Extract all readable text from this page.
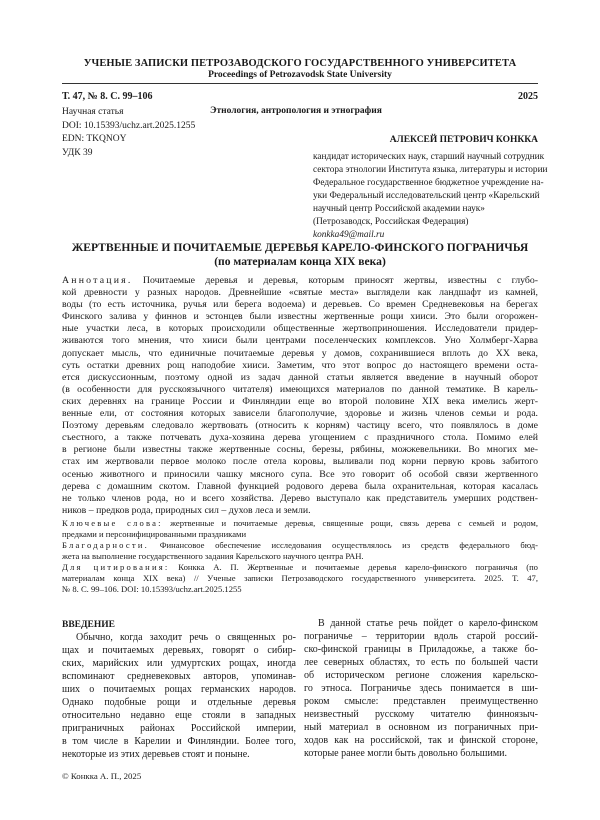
УЧЕНЫЕ ЗАПИСКИ ПЕТРОЗАВОДСКОГО ГОСУДАРСТВЕННОГО УНИВЕРСИТЕТА
Proceedings of Petrozavodsk State University
Т. 47, № 8. С. 99–106	2025
Научная статья
DOI: 10.15393/uchz.art.2025.1255
EDN: TKQNOY
УДК 39
Этнология, антропология и этнография
АЛЕКСЕЙ ПЕТРОВИЧ КОНККА
кандидат исторических наук, старший научный сотрудник
сектора этнологии Института языка, литературы и истории
Федеральное государственное бюджетное учреждение на-
уки Федеральный исследовательский центр «Карельский
научный центр Российской академии наук»
(Петрозаводск, Российская Федерация)
konkka49@mail.ru
ЖЕРТВЕННЫЕ И ПОЧИТАЕМЫЕ ДЕРЕВЬЯ КАРЕЛО-ФИНСКОГО ПОГРАНИЧЬЯ
(по материалам конца XIX века)
Аннотация. Почитаемые деревья и деревья, которым приносят жертвы, известны с глубо-
кой древности у разных народов. Древнейшие «святые места» выглядели как ландшафт из камней,
воды (то есть источника, ручья или берега водоема) и деревьев. Со времен Средневековья на берегах
Финского залива у финнов и эстонцев были известны жертвенные рощи хииси. Это были огорожен-
ные участки леса, в которых происходили общественные жертвоприношения. Исследователи придер-
живаются того мнения, что хииси были центрами поселенческих комплексов. Уно Холмберг-Харва
допускает мысль, что единичные почитаемые деревья у домов, сохранившиеся вплоть до XX века,
суть остатки древних рощ наподобие хииси. Заметим, что этот вопрос до настоящего времени оста-
ется дискуссионным, поэтому одной из задач данной статьи является введение в научный оборот
(в особенности для русскоязычного читателя) имеющихся материалов по данной тематике. В карель-
ских деревнях на границе России и Финляндии еще во второй половине XIX века имелись жерт-
венные ели, от состояния которых зависели благополучие, здоровье и жизнь членов семьи и рода.
Поэтому деревьям следовало жертвовать (относить к корням) частицу всего, что появлялось в доме
съестного, а также потчевать духа-хозяина дерева угощением с праздничного стола. Помимо елей
в регионе были известны также жертвенные сосны, березы, рябины, можжевельники. Во многих ме-
стах им жертвовали первое молоко после отела коровы, выливали под корни первую кровь забитого
осенью животного и приносили чашку мясного супа. Все это говорит об особой связи жертвенного
дерева с домашним скотом. Главной функцией родового дерева была охранительная, которая касалась
не только членов рода, но и всего хозяйства. Дерево выступало как представитель умерших родствен-
ников – предков рода, природных сил – духов леса и земли.
Ключевые слова: жертвенные и почитаемые деревья, священные рощи, связь дерева с семьей и родом,
предками и персонифицированными праздниками
Благодарности. Финансовое обеспечение исследования осуществлялось из средств федерального бюд-
жета на выполнение государственного задания Карельского научного центра РАН.
Для цитирования: Конкка А. П. Жертвенные и почитаемые деревья карело-финского пограничья (по
материалам конца XIX века) // Ученые записки Петрозаводского государственного университета. 2025. Т. 47,
№ 8. С. 99–106. DOI: 10.15393/uchz.art.2025.1255
ВВЕДЕНИЕ
Обычно, когда заходит речь о священных ро-
щах и почитаемых деревьях, говорят о сибир-
ских, марийских или удмуртских рощах, иногда
вспоминают средневековых авторов, упоминав-
ших о почитаемых рощах германских народов.
Однако подобные рощи и отдельные деревья
относительно недавно еще стояли в западных
приграничных районах Российской империи,
в том числе в Карелии и Финляндии. Более того,
некоторые из этих деревьев стоят и поныне.
В данной статье речь пойдет о карело-финском
пограничье – территории вдоль старой россий-
ско-финской границы в Приладожье, а также бо-
лее северных областях, то есть по большей части
об историческом регионе сложения карельско-
го этноса. Пограничье здесь понимается в ши-
роком смысле: представлен преимущественно
неизвестный русскому читателю финноязыч-
ный материал в основном из пограничных при-
ходов как на российской, так и финской стороне,
которые ранее могли быть довольно большими.
© Конкка А. П., 2025
